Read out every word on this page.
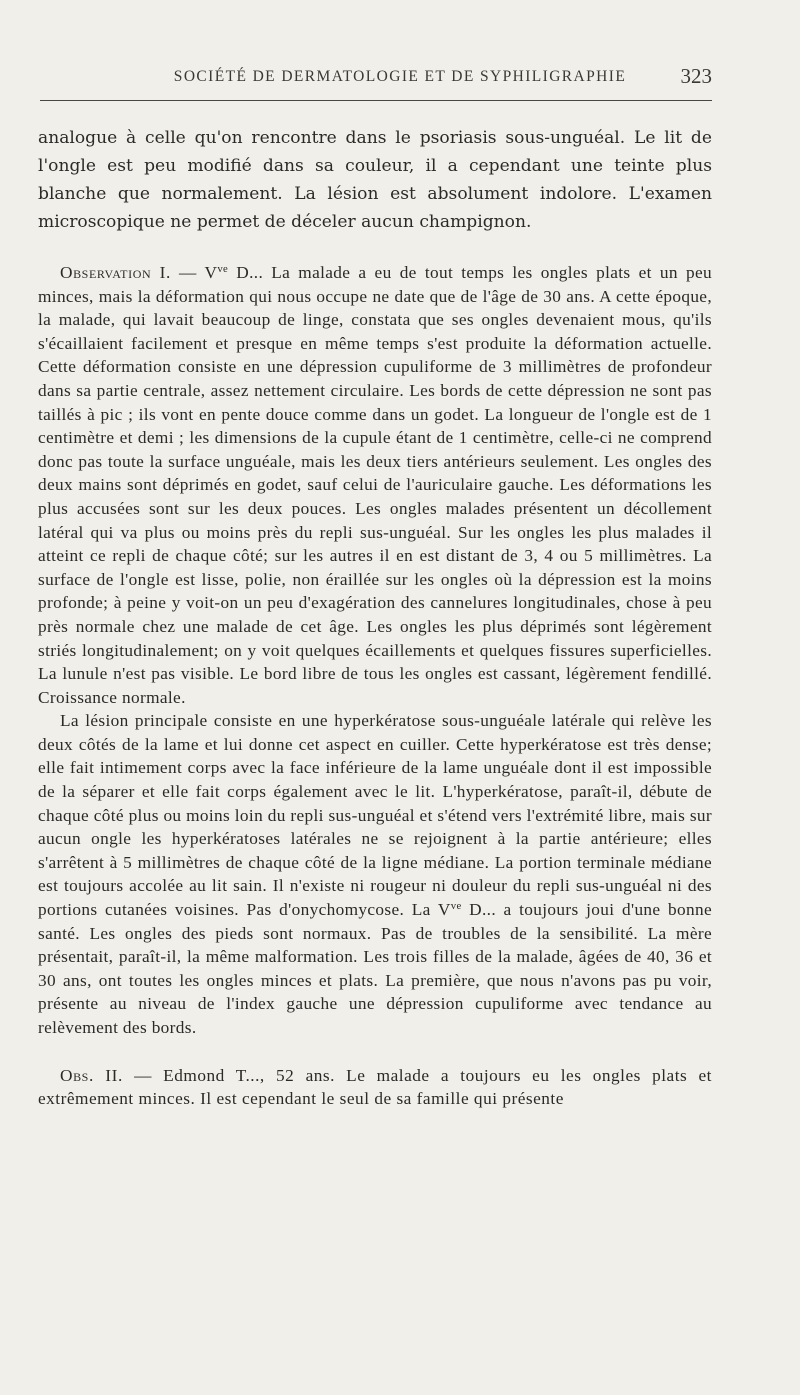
SOCIÉTÉ DE DERMATOLOGIE ET DE SYPHILIGRAPHIE	323

analogue à celle qu'on rencontre dans le psoriasis sous-unguéal. Le lit de l'ongle est peu modifié dans sa couleur, il a cependant une teinte plus blanche que normalement. La lésion est absolument indolore. L'examen microscopique ne permet de déceler aucun champignon.

Observation I. — $V^{ve}$ D... La malade a eu de tout temps les ongles plats et un peu minces, mais la déformation qui nous occupe ne date que de l'âge de 30 ans. A cette époque, la malade, qui lavait beaucoup de linge, constata que ses ongles devenaient mous, qu'ils s'écaillaient facilement et presque en même temps s'est produite la déformation actuelle. Cette déformation consiste en une dépression cupuliforme de 3 millimètres de profondeur dans sa partie centrale, assez nettement circulaire. Les bords de cette dépression ne sont pas taillés à pic ; ils vont en pente douce comme dans un godet. La longueur de l'ongle est de 1 centimètre et demi ; les dimensions de la cupule étant de 1 centimètre, celle-ci ne comprend donc pas toute la surface unguéale, mais les deux tiers antérieurs seulement. Les ongles des deux mains sont déprimés en godet, sauf celui de l'auriculaire gauche. Les déformations les plus accusées sont sur les deux pouces. Les ongles malades présentent un décollement latéral qui va plus ou moins près du repli sus-unguéal. Sur les ongles les plus malades il atteint ce repli de chaque côté; sur les autres il en est distant de 3, 4 ou 5 millimètres. La surface de l'ongle est lisse, polie, non éraillée sur les ongles où la dépression est la moins profonde; à peine y voit-on un peu d'exagération des cannelures longitudinales, chose à peu près normale chez une malade de cet âge. Les ongles les plus déprimés sont légèrement striés longitudinalement; on y voit quelques écaillements et quelques fissures superficielles. La lunule n'est pas visible. Le bord libre de tous les ongles est cassant, légèrement fendillé. Croissance normale.

La lésion principale consiste en une hyperkératose sous-unguéale latérale qui relève les deux côtés de la lame et lui donne cet aspect en cuiller. Cette hyperkératose est très dense; elle fait intimement corps avec la face inférieure de la lame unguéale dont il est impossible de la séparer et elle fait corps également avec le lit. L'hyperkératose, paraît-il, débute de chaque côté plus ou moins loin du repli sus-unguéal et s'étend vers l'extrémité libre, mais sur aucun ongle les hyperkératoses latérales ne se rejoignent à la partie antérieure; elles s'arrêtent à 5 millimètres de chaque côté de la ligne médiane. La portion terminale médiane est toujours accolée au lit sain. Il n'existe ni rougeur ni douleur du repli sus-unguéal ni des portions cutanées voisines. Pas d'onychomycose. La $V^{ve}$ D... a toujours joui d'une bonne santé. Les ongles des pieds sont normaux. Pas de troubles de la sensibilité. La mère présentait, paraît-il, la même malformation. Les trois filles de la malade, âgées de 40, 36 et 30 ans, ont toutes les ongles minces et plats. La première, que nous n'avons pas pu voir, présente au niveau de l'index gauche une dépression cupuliforme avec tendance au relèvement des bords.

Obs. II. — Edmond T..., 52 ans. Le malade a toujours eu les ongles plats et extrêmement minces. Il est cependant le seul de sa famille qui présente
